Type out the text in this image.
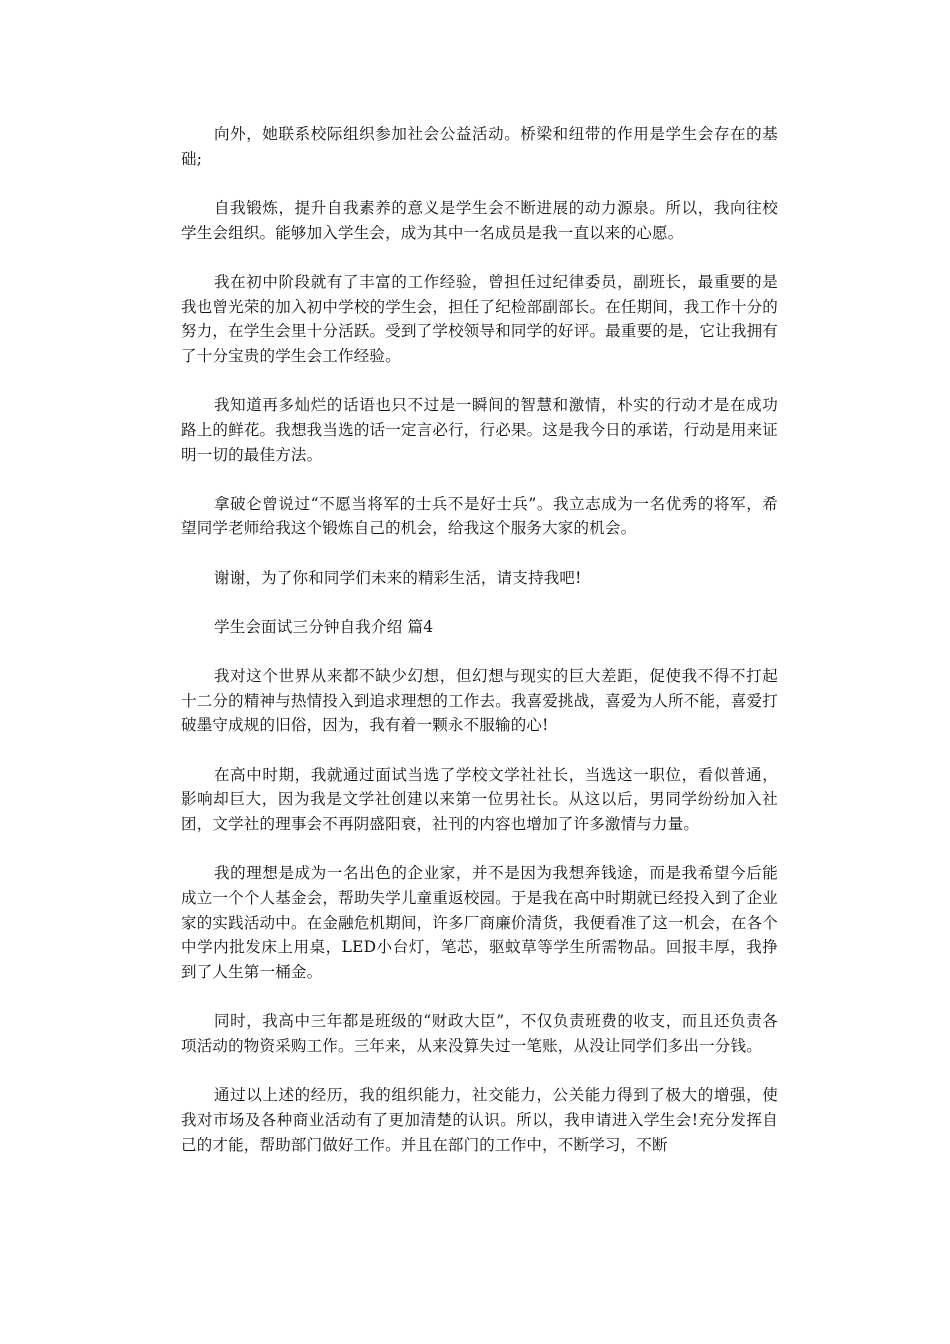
向外，她联系校际组织参加社会公益活动。桥梁和纽带的作用是学生会存在的基础;

自我锻炼，提升自我素养的意义是学生会不断进展的动力源泉。所以，我向往校学生会组织。能够加入学生会，成为其中一名成员是我一直以来的心愿。

我在初中阶段就有了丰富的工作经验，曾担任过纪律委员，副班长，最重要的是我也曾光荣的加入初中学校的学生会，担任了纪检部副部长。在任期间，我工作十分的努力，在学生会里十分活跃。受到了学校领导和同学的好评。最重要的是，它让我拥有了十分宝贵的学生会工作经验。

我知道再多灿烂的话语也只不过是一瞬间的智慧和激情，朴实的行动才是在成功路上的鲜花。我想我当选的话一定言必行，行必果。这是我今日的承诺，行动是用来证明一切的最佳方法。

拿破仑曾说过“不愿当将军的士兵不是好士兵”。我立志成为一名优秀的将军，希望同学老师给我这个锻炼自己的机会，给我这个服务大家的机会。

谢谢，为了你和同学们未来的精彩生活，请支持我吧!

学生会面试三分钟自我介绍 篇4

我对这个世界从来都不缺少幻想，但幻想与现实的巨大差距，促使我不得不打起十二分的精神与热情投入到追求理想的工作去。我喜爱挑战，喜爱为人所不能，喜爱打破墨守成规的旧俗，因为，我有着一颗永不服输的心!

在高中时期，我就通过面试当选了学校文学社社长，当选这一职位，看似普通，影响却巨大，因为我是文学社创建以来第一位男社长。从这以后，男同学纷纷加入社团，文学社的理事会不再阴盛阳衰，社刊的内容也增加了许多激情与力量。

我的理想是成为一名出色的企业家，并不是因为我想奔钱途，而是我希望今后能成立一个个人基金会，帮助失学儿童重返校园。于是我在高中时期就已经投入到了企业家的实践活动中。在金融危机期间，许多厂商廉价清货，我便看准了这一机会，在各个中学内批发床上用桌，LED小台灯，笔芯，驱蚊草等学生所需物品。回报丰厚，我挣到了人生第一桶金。

同时，我高中三年都是班级的“财政大臣”，不仅负责班费的收支，而且还负责各项活动的物资采购工作。三年来，从来没算失过一笔账，从没让同学们多出一分钱。

通过以上述的经历，我的组织能力，社交能力，公关能力得到了极大的增强，使我对市场及各种商业活动有了更加清楚的认识。所以，我申请进入学生会!充分发挥自己的才能，帮助部门做好工作。并且在部门的工作中，不断学习，不断
